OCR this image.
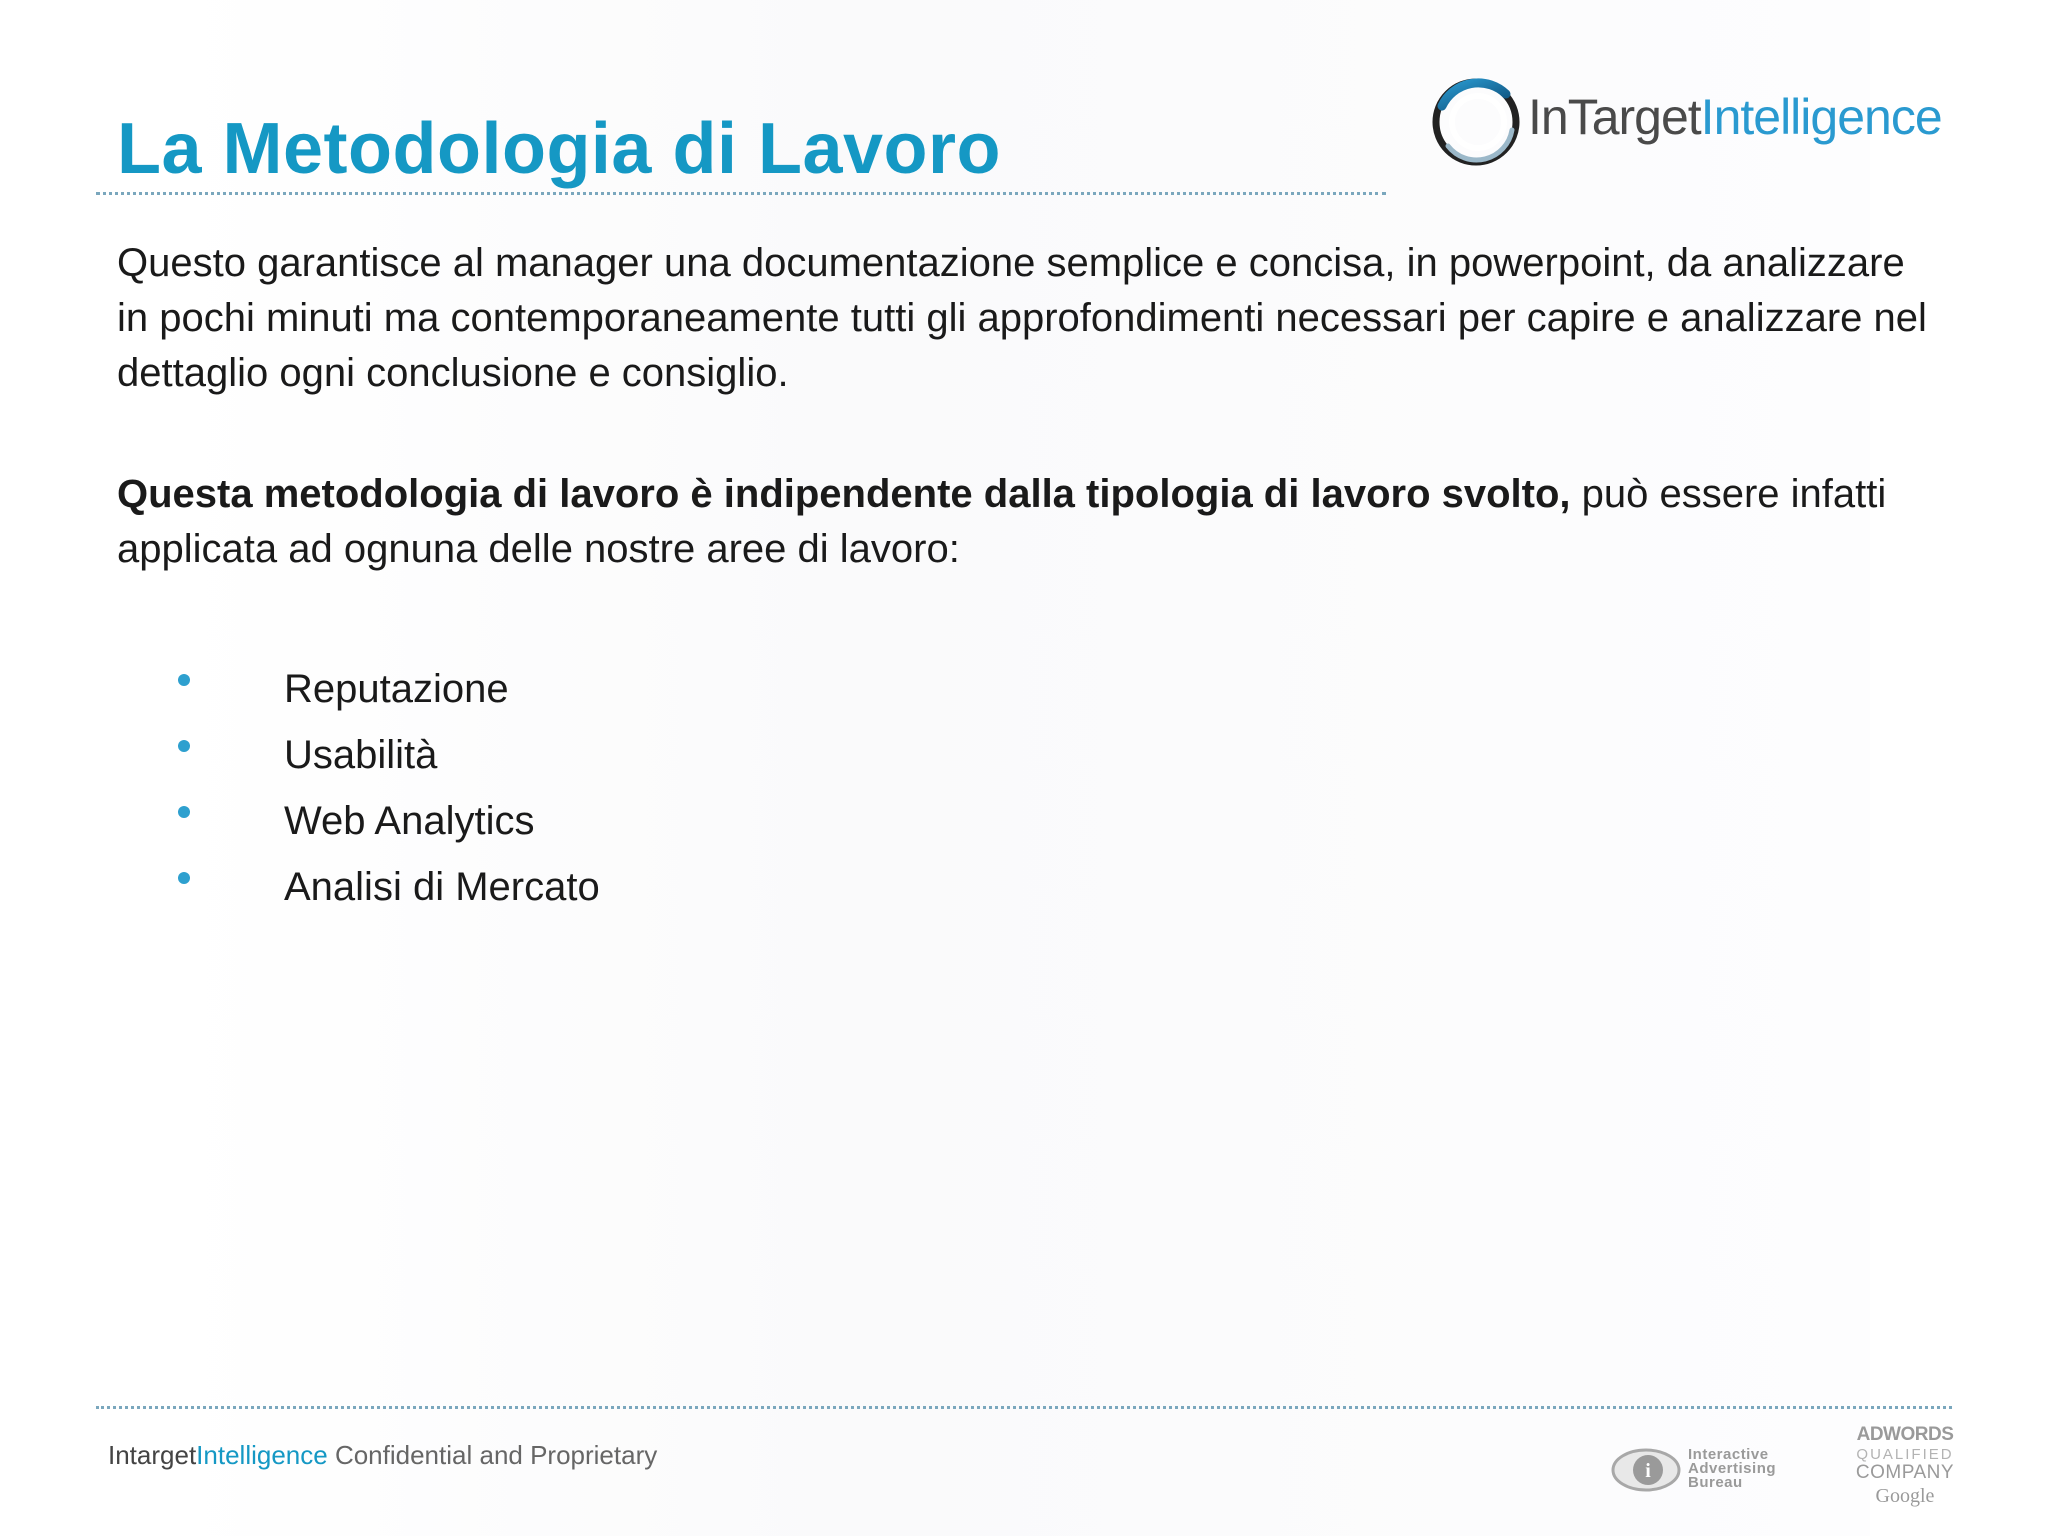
La Metodologia di Lavoro	InTargetIntelligence
Questo garantisce al manager una documentazione semplice e concisa, in powerpoint, da analizzare in pochi minuti ma contemporaneamente tutti gli approfondimenti necessari per capire e analizzare nel dettaglio ogni conclusione e consiglio.
Questa metodologia di lavoro è indipendente dalla tipologia di lavoro svolto, può essere infatti applicata ad ognuna delle nostre aree di lavoro:
Reputazione
Usabilità
Web Analytics
Analisi di Mercato
IntargetIntelligence Confidential and Proprietary
i
Interactive
Advertising
Bureau
ADWORDS
QUALIFIED
COMPANY
Google
